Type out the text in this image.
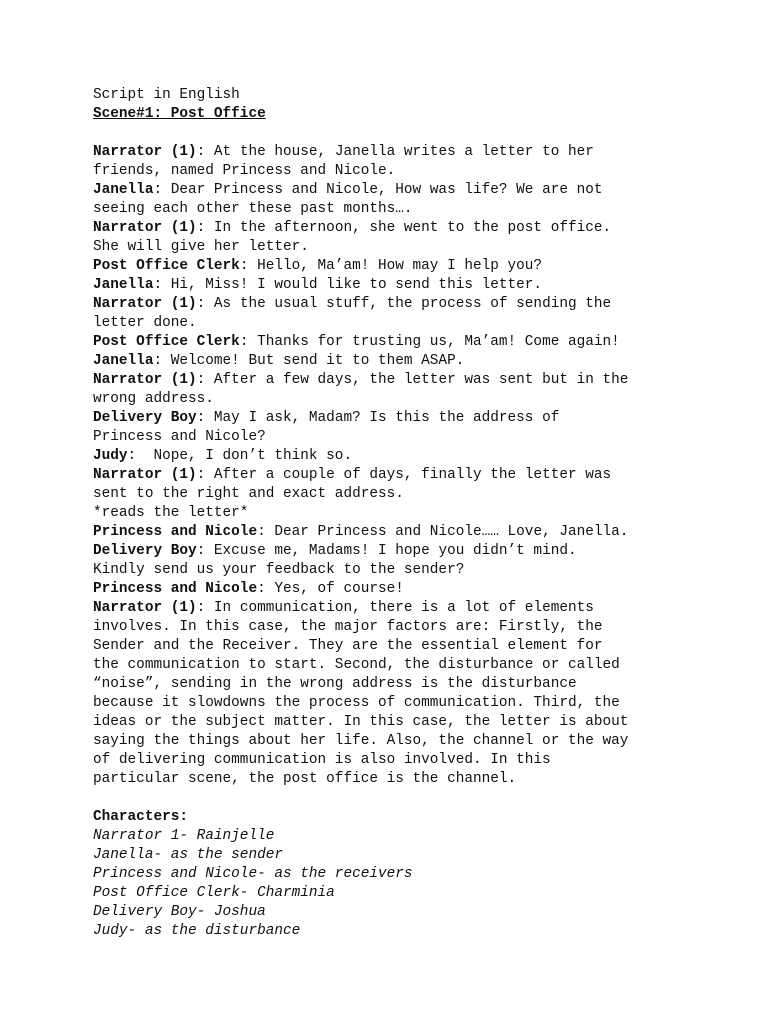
Script in English
Scene#1: Post Office
Narrator (1): At the house, Janella writes a letter to her
friends, named Princess and Nicole.
Janella: Dear Princess and Nicole, How was life? We are not
seeing each other these past months….
Narrator (1): In the afternoon, she went to the post office.
She will give her letter.
Post Office Clerk: Hello, Ma’am! How may I help you?
Janella: Hi, Miss! I would like to send this letter.
Narrator (1): As the usual stuff, the process of sending the
letter done.
Post Office Clerk: Thanks for trusting us, Ma’am! Come again!
Janella: Welcome! But send it to them ASAP.
Narrator (1): After a few days, the letter was sent but in the
wrong address.
Delivery Boy: May I ask, Madam? Is this the address of
Princess and Nicole?
Judy:  Nope, I don’t think so.
Narrator (1): After a couple of days, finally the letter was
sent to the right and exact address.
*reads the letter*
Princess and Nicole: Dear Princess and Nicole…… Love, Janella.
Delivery Boy: Excuse me, Madams! I hope you didn’t mind.
Kindly send us your feedback to the sender?
Princess and Nicole: Yes, of course!
Narrator (1): In communication, there is a lot of elements
involves. In this case, the major factors are: Firstly, the
Sender and the Receiver. They are the essential element for
the communication to start. Second, the disturbance or called
“noise”, sending in the wrong address is the disturbance
because it slowdowns the process of communication. Third, the
ideas or the subject matter. In this case, the letter is about
saying the things about her life. Also, the channel or the way
of delivering communication is also involved. In this
particular scene, the post office is the channel.
Characters:
Narrator 1- Rainjelle
Janella- as the sender
Princess and Nicole- as the receivers
Post Office Clerk- Charminia
Delivery Boy- Joshua
Judy- as the disturbance
